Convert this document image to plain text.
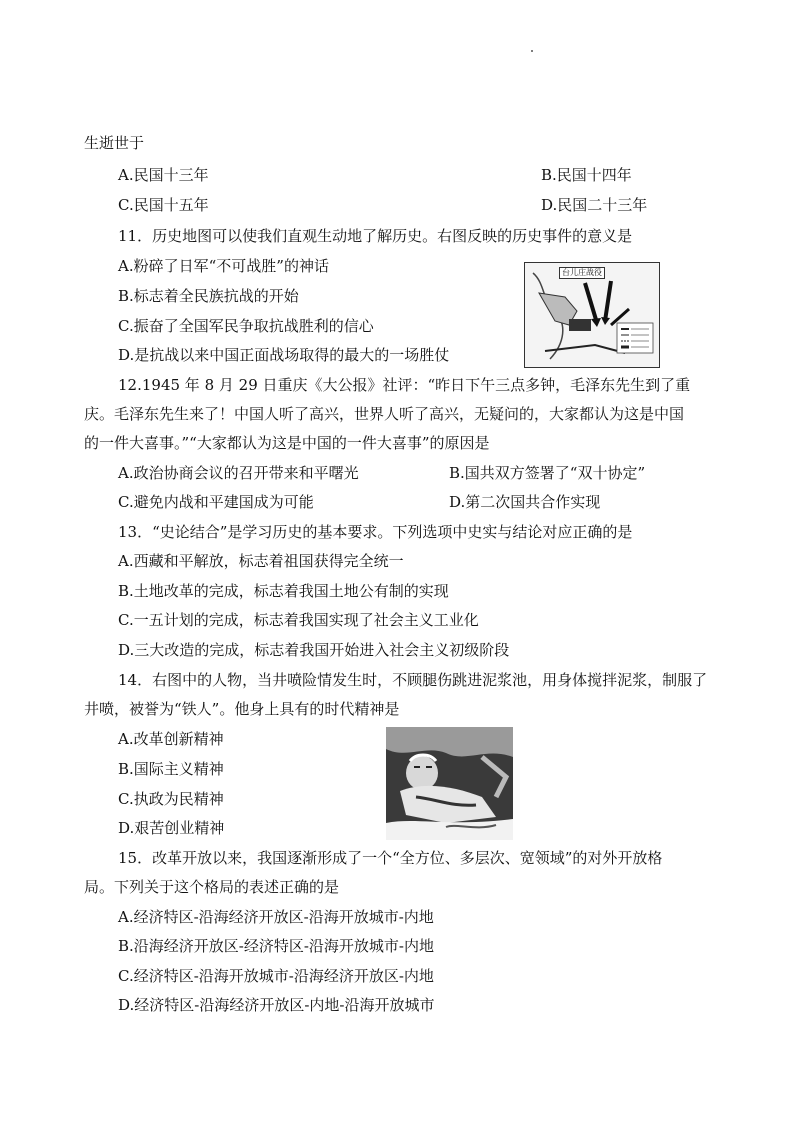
生逝世于
A.民国十三年	B.民国十四年
C.民国十五年	D.民国二十三年
11．历史地图可以使我们直观生动地了解历史。右图反映的历史事件的意义是
A.粉碎了日军“不可战胜”的神话
B.标志着全民族抗战的开始
C.振奋了全国军民争取抗战胜利的信心
D.是抗战以来中国正面战场取得的最大的一场胜仗
台儿庄战役
12.1945 年 8 月 29 日重庆《大公报》社评：“昨日下午三点多钟，毛泽东先生到了重
庆。毛泽东先生来了！中国人听了高兴，世界人听了高兴，无疑问的，大家都认为这是中国
的一件大喜事。”“大家都认为这是中国的一件大喜事”的原因是
A.政治协商会议的召开带来和平曙光	B.国共双方签署了“双十协定”
C.避免内战和平建国成为可能	D.第二次国共合作实现
13．“史论结合”是学习历史的基本要求。下列选项中史实与结论对应正确的是
A.西藏和平解放，标志着祖国获得完全统一
B.土地改革的完成，标志着我国土地公有制的实现
C.一五计划的完成，标志着我国实现了社会主义工业化
D.三大改造的完成，标志着我国开始进入社会主义初级阶段
14．右图中的人物，当井喷险情发生时，不顾腿伤跳进泥浆池，用身体搅拌泥浆，制服了
井喷，被誉为“铁人”。他身上具有的时代精神是
A.改革创新精神
B.国际主义精神
C.执政为民精神
D.艰苦创业精神
15．改革开放以来，我国逐渐形成了一个“全方位、多层次、宽领域”的对外开放格
局。下列关于这个格局的表述正确的是
A.经济特区-沿海经济开放区-沿海开放城市-内地
B.沿海经济开放区-经济特区-沿海开放城市-内地
C.经济特区-沿海开放城市-沿海经济开放区-内地
D.经济特区-沿海经济开放区-内地-沿海开放城市
